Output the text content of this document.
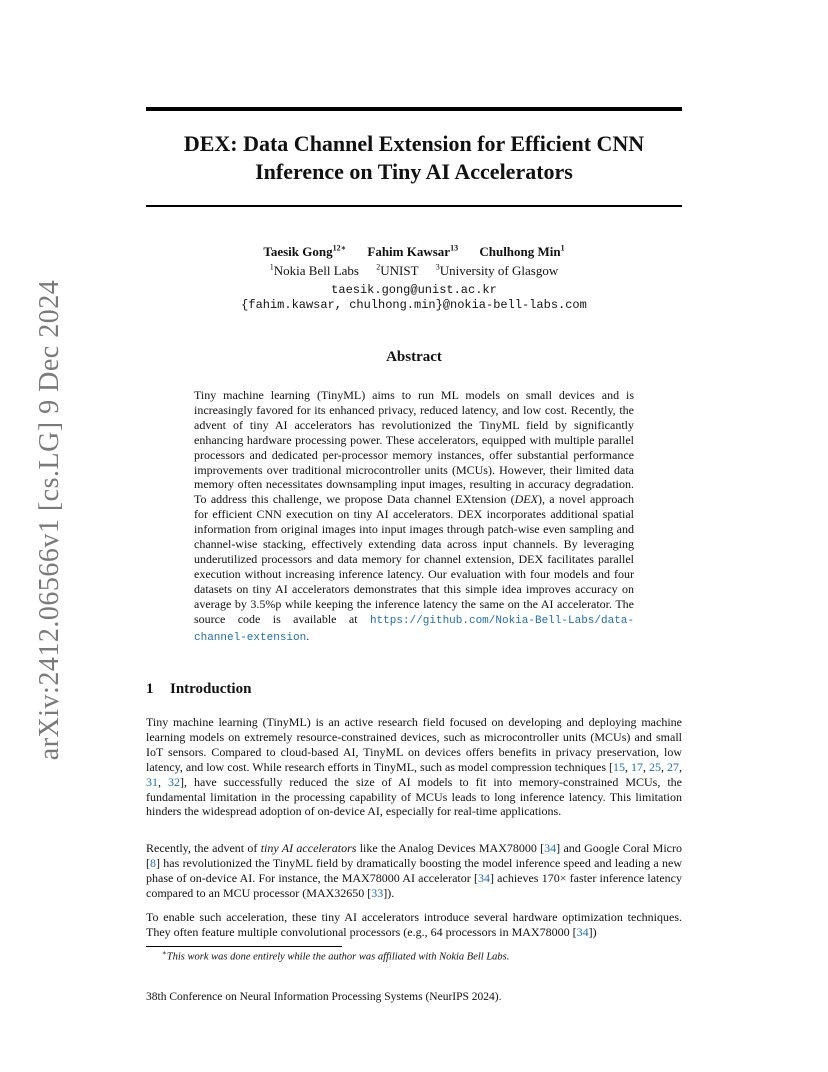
arXiv:2412.06566v1 [cs.LG] 9 Dec 2024
DEX: Data Channel Extension for Efficient CNN
Inference on Tiny AI Accelerators
Taesik Gong$^{12∗}$ Fahim Kawsar$^{13}$ Chulhong Min$^1$
$^1$Nokia Bell Labs $^2$UNIST $^3$University of Glasgow
taesik.gong@unist.ac.kr
{fahim.kawsar, chulhong.min}@nokia-bell-labs.com
Abstract
Tiny machine learning (TinyML) aims to run ML models on small devices and is increasingly favored for its enhanced privacy, reduced latency, and low cost. Recently, the advent of tiny AI accelerators has revolutionized the TinyML field by significantly enhancing hardware processing power. These accelerators, equipped with multiple parallel processors and dedicated per-processor memory instances, offer substantial performance improvements over traditional microcontroller units (MCUs). However, their limited data memory often necessitates downsampling input images, resulting in accuracy degradation. To address this challenge, we propose Data channel EXtension (DEX), a novel approach for efficient CNN execution on tiny AI accelerators. DEX incorporates additional spatial information from original images into input images through patch-wise even sampling and channel-wise stacking, effectively extending data across input channels. By leveraging underutilized processors and data memory for channel extension, DEX facilitates parallel execution without increasing inference latency. Our evaluation with four models and four datasets on tiny AI accelerators demonstrates that this simple idea improves accuracy on average by 3.5%p while keeping the inference latency the same on the AI accelerator. The source code is available at https://github.com/Nokia-Bell-Labs/data-channel-extension.
1 Introduction
Tiny machine learning (TinyML) is an active research field focused on developing and deploying machine learning models on extremely resource-constrained devices, such as microcontroller units (MCUs) and small IoT sensors. Compared to cloud-based AI, TinyML on devices offers benefits in privacy preservation, low latency, and low cost. While research efforts in TinyML, such as model compression techniques [15, 17, 25, 27, 31, 32], have successfully reduced the size of AI models to fit into memory-constrained MCUs, the fundamental limitation in the processing capability of MCUs leads to long inference latency. This limitation hinders the widespread adoption of on-device AI, especially for real-time applications.
Recently, the advent of tiny AI accelerators like the Analog Devices MAX78000 [34] and Google Coral Micro [8] has revolutionized the TinyML field by dramatically boosting the model inference speed and leading a new phase of on-device AI. For instance, the MAX78000 AI accelerator [34] achieves 170× faster inference latency compared to an MCU processor (MAX32650 [33]).
To enable such acceleration, these tiny AI accelerators introduce several hardware optimization techniques. They often feature multiple convolutional processors (e.g., 64 processors in MAX78000 [34])
∗This work was done entirely while the author was affiliated with Nokia Bell Labs.
38th Conference on Neural Information Processing Systems (NeurIPS 2024).
